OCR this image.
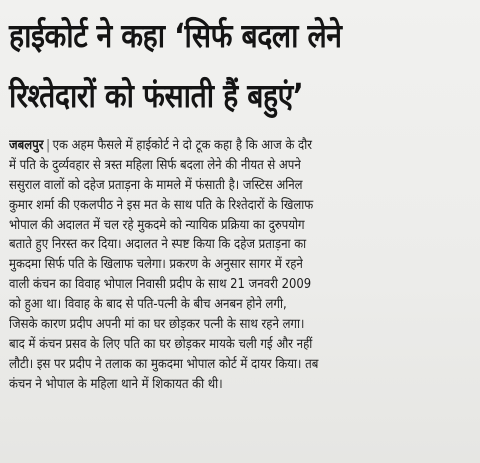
हाईकोर्ट ने कहा ‘सिर्फ बदला लेने
रिश्तेदारों को फंसाती हैं बहुएं’
जबलपुर | एक अहम फैसले में हाईकोर्ट ने दो टूक कहा है कि आज के दौर
में पति के दुर्व्यवहार से त्रस्त महिला सिर्फ बदला लेने की नीयत से अपने
ससुराल वालों को दहेज प्रताड़ना के मामले में फंसाती है। जस्टिस अनिल
कुमार शर्मा की एकलपीठ ने इस मत के साथ पति के रिश्तेदारों के खिलाफ
भोपाल की अदालत में चल रहे मुकदमे को न्यायिक प्रक्रिया का दुरुपयोग
बताते हुए निरस्त कर दिया। अदालत ने स्पष्ट किया कि दहेज प्रताड़ना का
मुकदमा सिर्फ पति के खिलाफ चलेगा। प्रकरण के अनुसार सागर में रहने
वाली कंचन का विवाह भोपाल निवासी प्रदीप के साथ 21 जनवरी 2009
को हुआ था। विवाह के बाद से पति-पत्नी के बीच अनबन होने लगी,
जिसके कारण प्रदीप अपनी मां का घर छोड़कर पत्नी के साथ रहने लगा।
बाद में कंचन प्रसव के लिए पति का घर छोड़कर मायके चली गई और नहीं
लौटी। इस पर प्रदीप ने तलाक का मुकदमा भोपाल कोर्ट में दायर किया। तब
कंचन ने भोपाल के महिला थाने में शिकायत की थी।
